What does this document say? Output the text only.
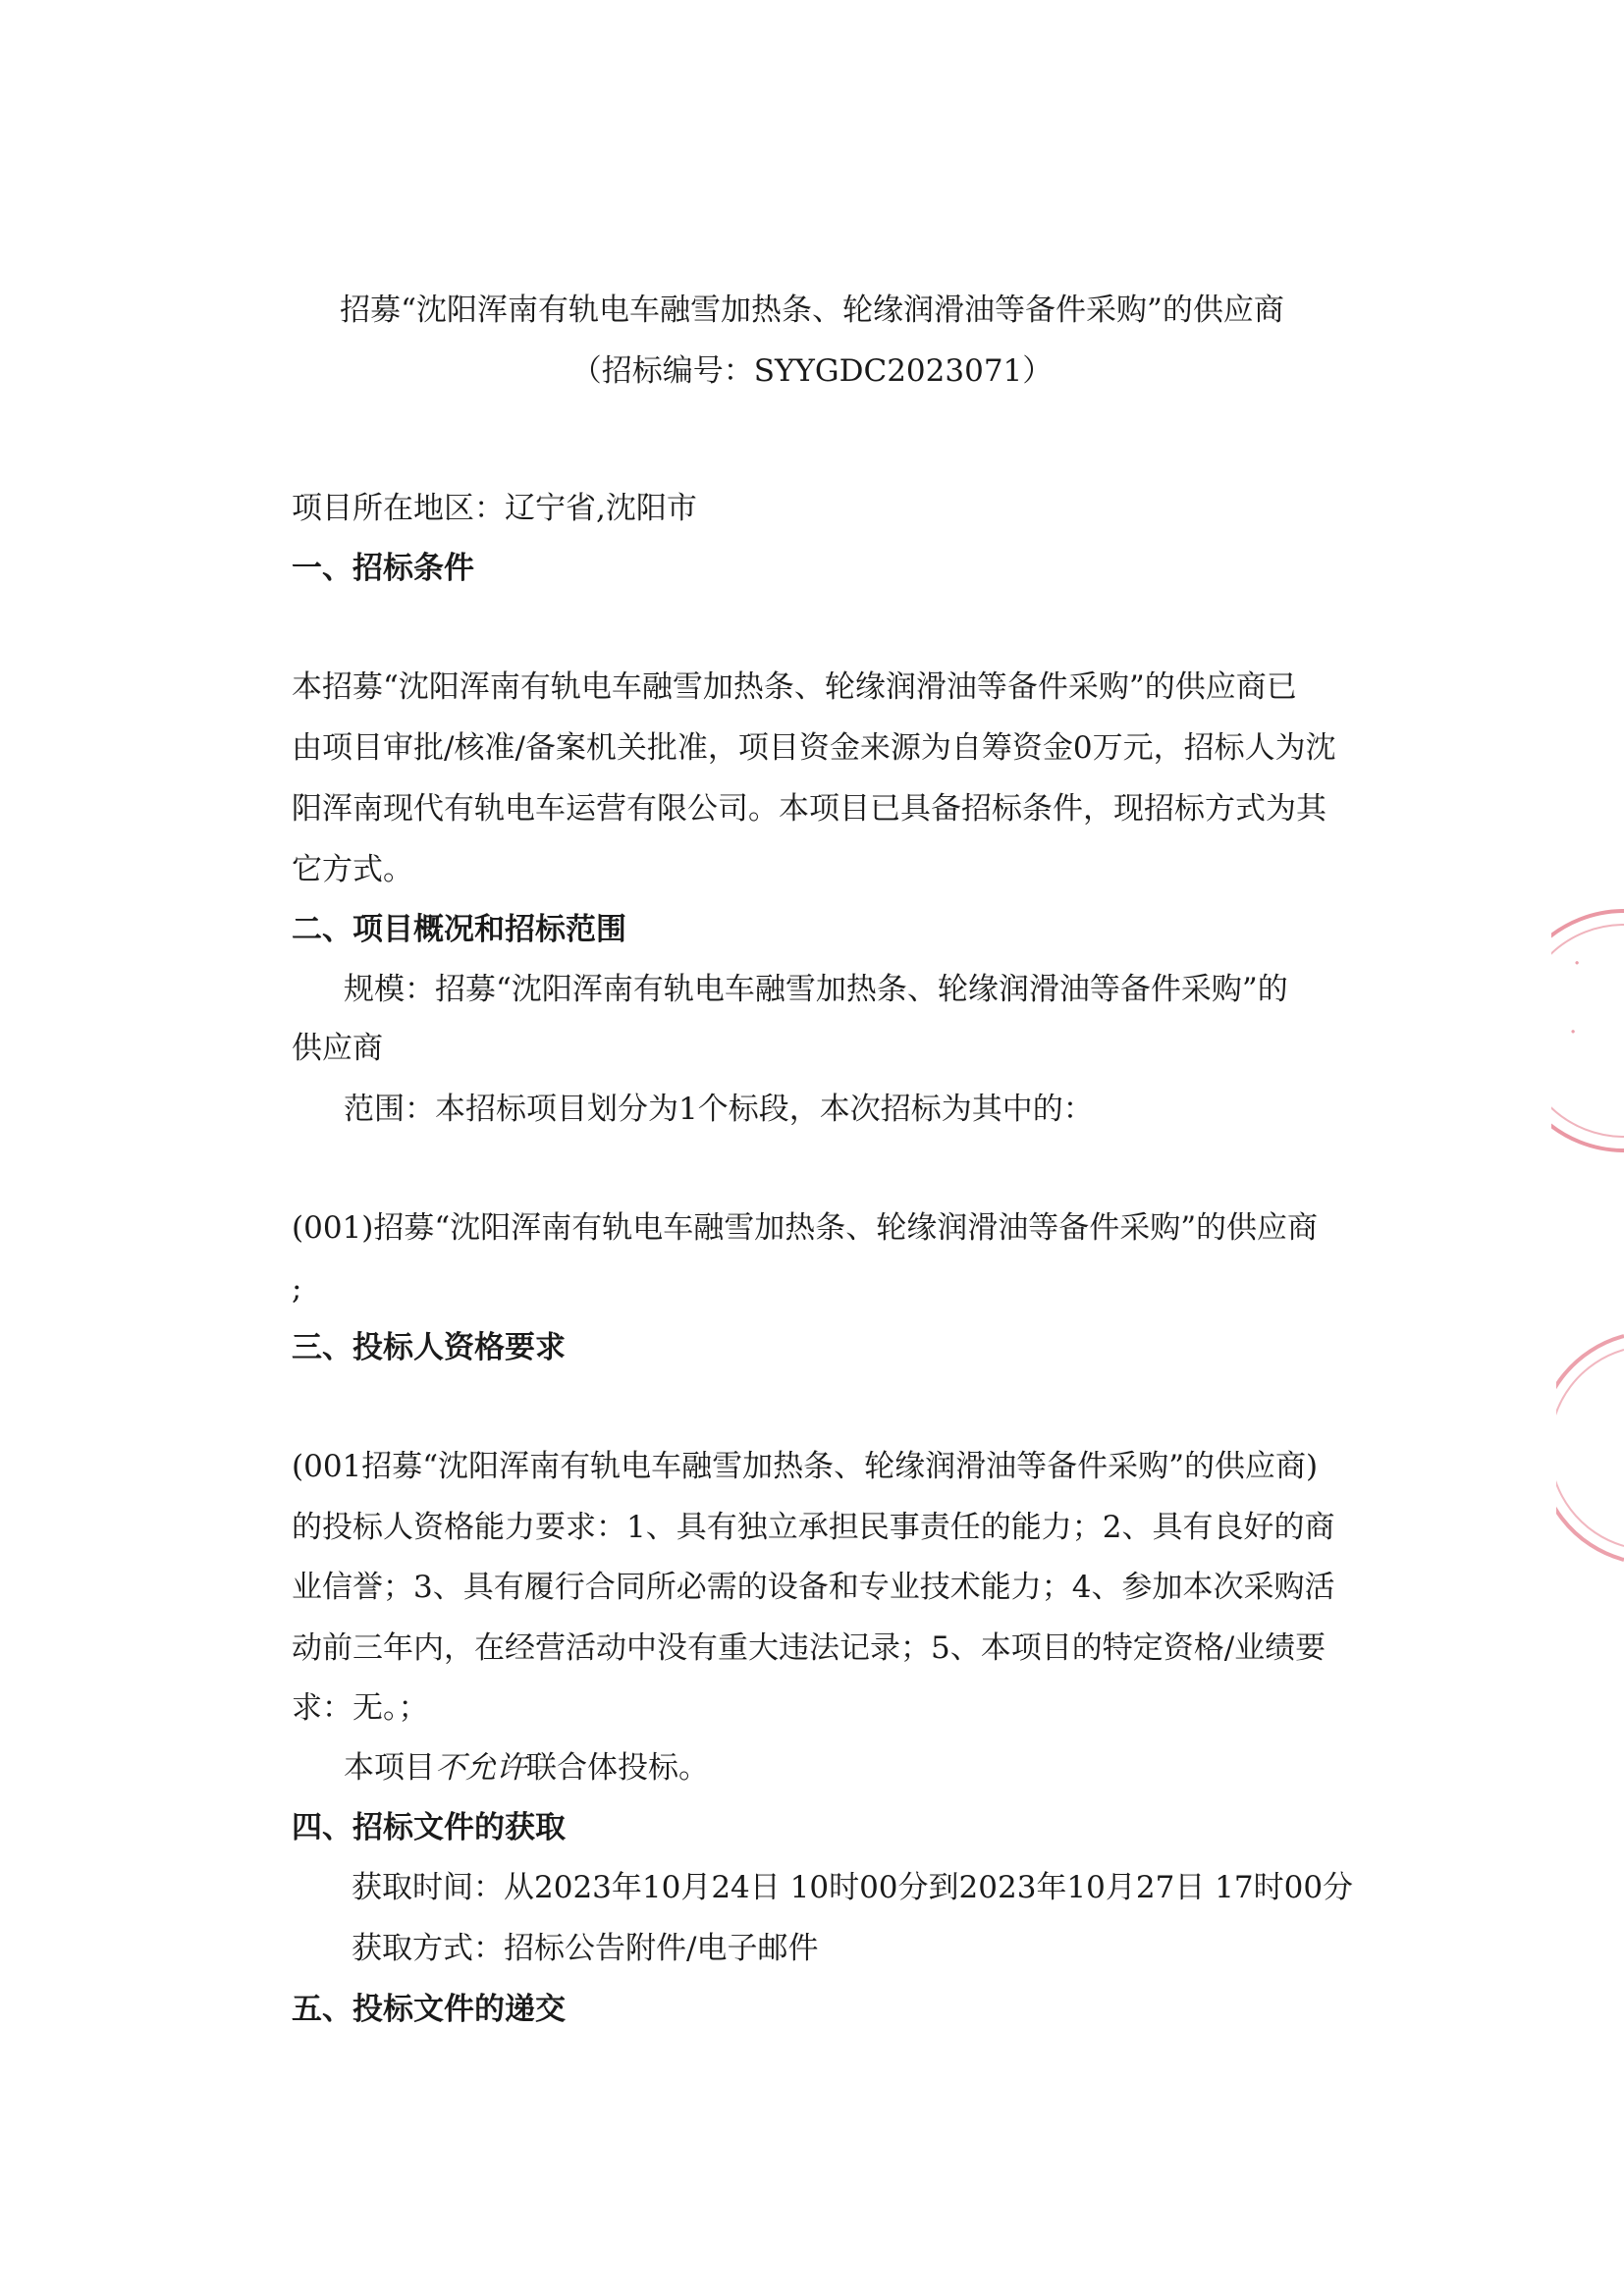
招募“沈阳浑南有轨电车融雪加热条、轮缘润滑油等备件采购”的供应商
（招标编号：SYYGDC2023071）
项目所在地区：辽宁省,沈阳市
一、招标条件
本招募“沈阳浑南有轨电车融雪加热条、轮缘润滑油等备件采购”的供应商已
由项目审批/核准/备案机关批准，项目资金来源为自筹资金0万元，招标人为沈
阳浑南现代有轨电车运营有限公司。本项目已具备招标条件，现招标方式为其
它方式。
二、项目概况和招标范围
规模：招募“沈阳浑南有轨电车融雪加热条、轮缘润滑油等备件采购”的
供应商
范围：本招标项目划分为1个标段，本次招标为其中的：
(001)招募“沈阳浑南有轨电车融雪加热条、轮缘润滑油等备件采购”的供应商
;
三、投标人资格要求
(001招募“沈阳浑南有轨电车融雪加热条、轮缘润滑油等备件采购”的供应商)
的投标人资格能力要求：1、具有独立承担民事责任的能力；2、具有良好的商
业信誉；3、具有履行合同所必需的设备和专业技术能力；4、参加本次采购活
动前三年内，在经营活动中没有重大违法记录；5、本项目的特定资格/业绩要
求：无。；
本项目不允许联合体投标。
四、招标文件的获取
获取时间：从2023年10月24日 10时00分到2023年10月27日 17时00分
获取方式：招标公告附件/电子邮件
五、投标文件的递交
·
·
